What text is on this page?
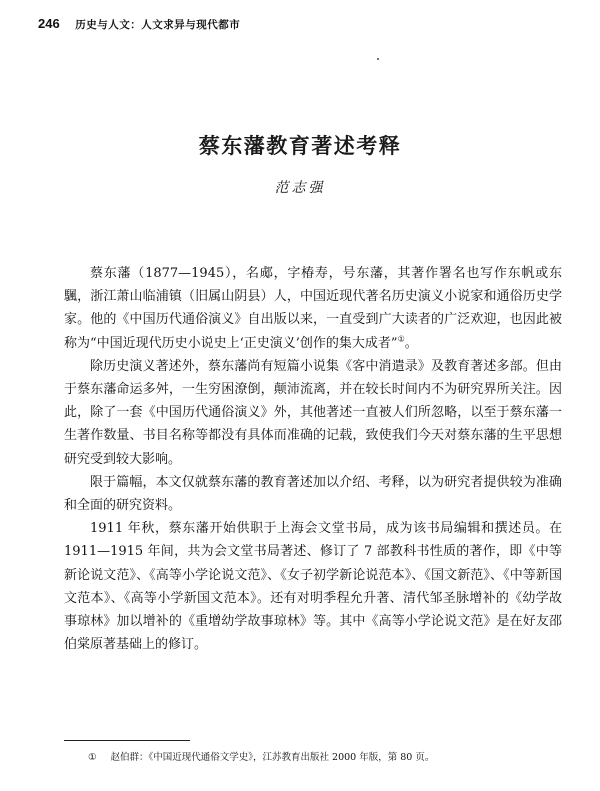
246 历史与人文：人文求异与现代都市
蔡东藩教育著述考释
范志强

蔡东藩（1877—1945），名郕，字椿寿，号东藩，其著作署名也写作东帆或东颿，浙江萧山临浦镇（旧属山阴县）人，中国近现代著名历史演义小说家和通俗历史学家。他的《中国历代通俗演义》自出版以来，一直受到广大读者的广泛欢迎，也因此被称为“中国近现代历史小说史上‘正史演义’创作的集大成者”①。

除历史演义著述外，蔡东藩尚有短篇小说集《客中消遣录》及教育著述多部。但由于蔡东藩命运多舛，一生穷困潦倒，颠沛流离，并在较长时间内不为研究界所关注。因此，除了一套《中国历代通俗演义》外，其他著述一直被人们所忽略，以至于蔡东藩一生著作数量、书目名称等都没有具体而准确的记载，致使我们今天对蔡东藩的生平思想研究受到较大影响。

限于篇幅，本文仅就蔡东藩的教育著述加以介绍、考释，以为研究者提供较为准确和全面的研究资料。

1911 年秋，蔡东藩开始供职于上海会文堂书局，成为该书局编辑和撰述员。在 1911—1915 年间，共为会文堂书局著述、修订了 7 部教科书性质的著作，即《中等新论说文范》、《高等小学论说文范》、《女子初学新论说范本》、《国文新范》、《中等新国文范本》、《高等小学新国文范本》。还有对明季程允升著、清代邹圣脉增补的《幼学故事琼林》加以增补的《重增幼学故事琼林》等。其中《高等小学论说文范》是在好友邵伯棠原著基础上的修订。

① 赵伯群：《中国近现代通俗文学史》，江苏教育出版社 2000 年版，第 80 页。
